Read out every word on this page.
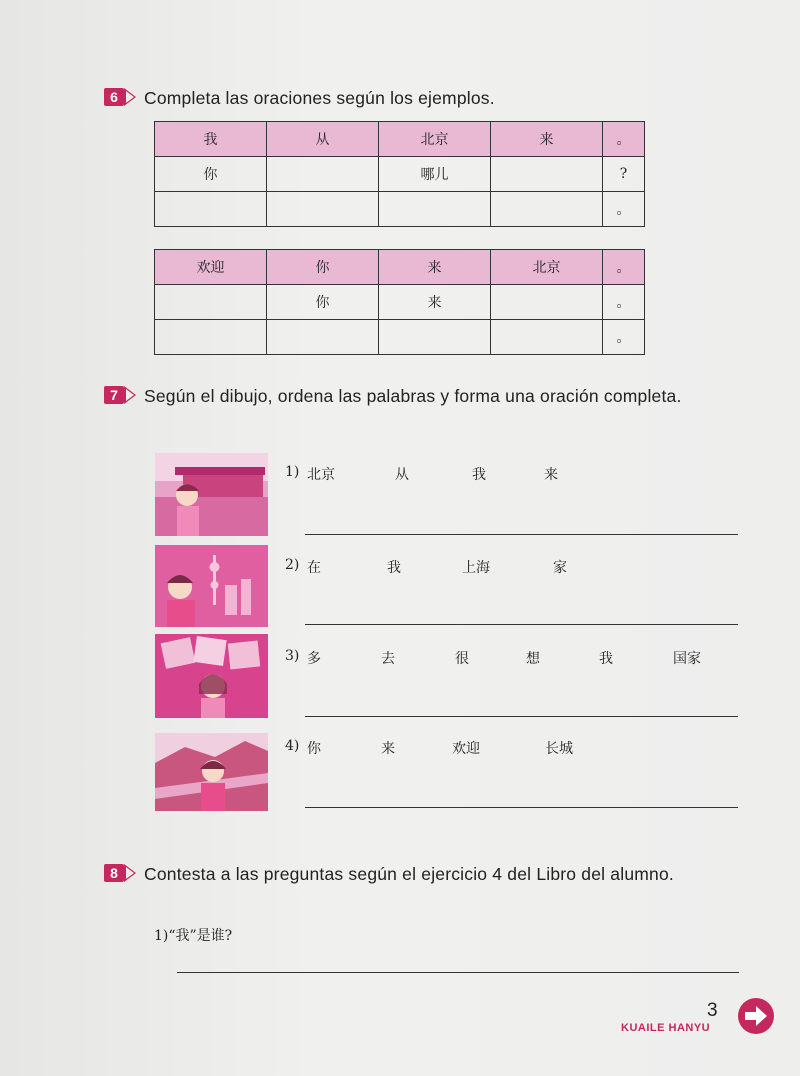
6	Completa las oraciones según los ejemplos.
我	从	北京	来	。
你		哪儿		?
				。
欢迎	你	来	北京	。
	你	来		。
				。
7	Según el dibujo, ordena las palabras y forma una oración completa.
1) 北京	从	我	来
2) 在	我	上海	家
3) 多	去	很	想	我	国家
4) 你	来	欢迎	长城
8	Contesta a las preguntas según el ejercicio 4 del Libro del alumno.
1)“我”是谁?
3
KUAILE HANYU
